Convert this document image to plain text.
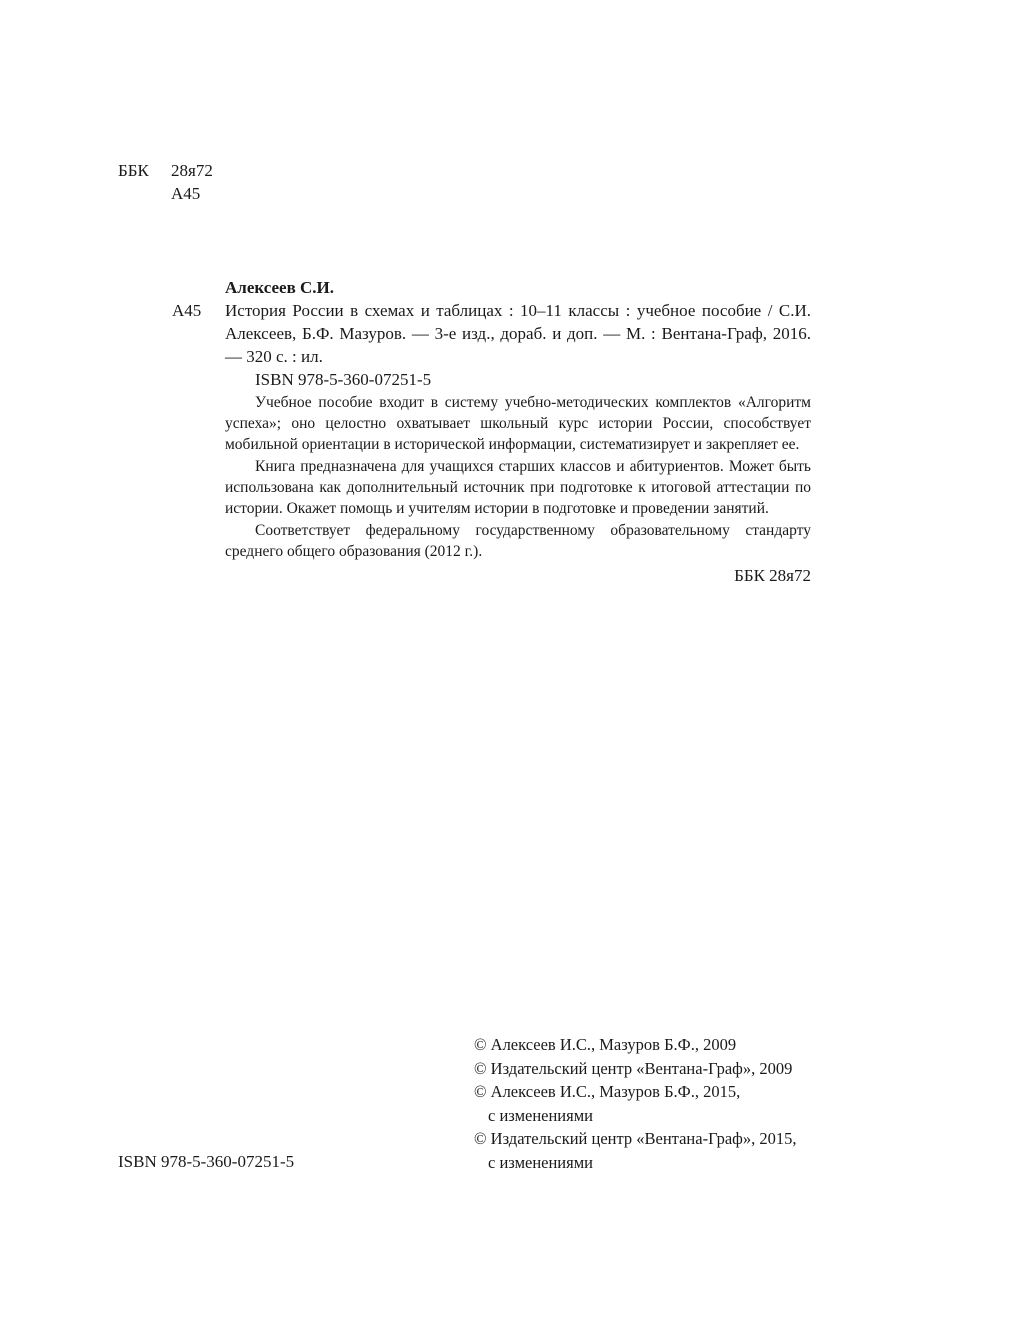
ББК	28я72
А45
А45
Алексеев С.И.
История России в схемах и таблицах : 10–11 классы : учебное пособие / С.И. Алексеев, Б.Ф. Мазуров. — 3-е изд., дораб. и доп. — М. : Вентана-Граф, 2016. — 320 с. : ил.
ISBN 978-5-360-07251-5
Учебное пособие входит в систему учебно-методических комплектов «Алгоритм успеха»; оно целостно охватывает школьный курс истории России, способствует мобильной ориентации в исторической информации, систематизирует и закрепляет ее.
Книга предназначена для учащихся старших классов и абитуриентов. Может быть использована как дополнительный источник при подготовке к итоговой аттестации по истории. Окажет помощь и учителям истории в подготовке и проведении занятий.
Соответствует федеральному государственному образовательному стандарту среднего общего образования (2012 г.).
ББК 28я72
© Алексеев И.С., Мазуров Б.Ф., 2009
© Издательский центр «Вентана-Граф», 2009
© Алексеев И.С., Мазуров Б.Ф., 2015,
с изменениями
© Издательский центр «Вентана-Граф», 2015,
с изменениями
ISBN 978-5-360-07251-5
